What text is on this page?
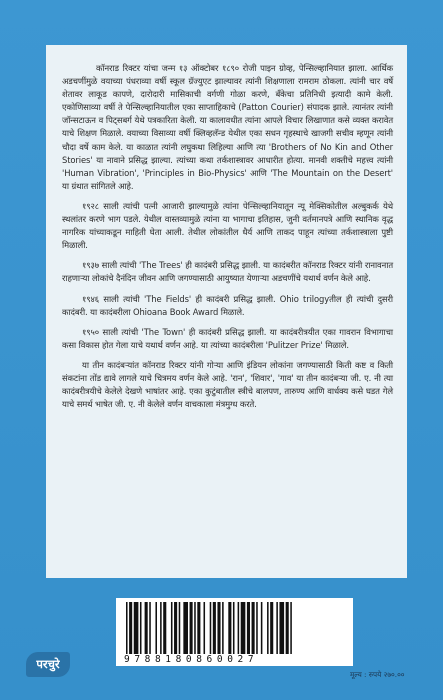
कॉनराड रिक्टर यांचा जन्म १३ ऑक्टोबर १८९० रोजी पाइन ग्रोव्ह, पेन्सिल्व्हानियात झाला. आर्थिक अडचणींमुळे वयाच्या पंधराव्या वर्षी स्कूल ग्रॅज्युएट झाल्यावर त्यांनी शिक्षणाला रामराम ठोकला. त्यांनी चार वर्षे शेतावर लाकूड कापणे, दारोदारी मासिकाची वर्गणी गोळा करणे, बँकेचा प्रतिनिधी इत्यादी कामे केली. एकोणिसाव्या वर्षी ते पेन्सिल्व्हानियातील एका साप्ताहिकाचे (Patton Courier) संपादक झाले. त्यानंतर त्यांनी जॉन्सटाऊन व पिट्सबर्ग येथे पत्रकारिता केली. या कालावधीत त्यांना आपले विचार लिखाणात कसे व्यक्त करावेत याचे शिक्षण मिळाले. वयाच्या विसाव्या वर्षी क्लिव्हलॅन्ड येथील एका सधन गृहस्थाचे खाजगी सचीव म्हणून त्यांनी चौदा वर्षे काम केले. या काळात त्यांनी लघुकथा लिहिल्या आणि त्या 'Brothers of No Kin and Other Stories' या नावाने प्रसिद्ध झाल्या. त्यांच्या कथा तर्कशास्त्रावर आधारीत होत्या. मानवी शक्तीचे महत्त्व त्यांनी 'Human Vibration', 'Principles in Bio-Physics' आणि 'The Mountain on the Desert' या ग्रंथात सांगितले आहे.

१९२८ साली त्यांची पत्नी आजारी झाल्यामुळे त्यांना पेन्सिल्व्हानियातून न्यू मेक्सिकोतील अल्बुकर्क येथे स्थलांतर करणे भाग पडले. येथील वास्तव्यामुळे त्यांना या भागाचा इतिहास, जुनी वर्तमानपत्रे आणि स्थानिक वृद्ध नागरिक यांच्याकडून माहिती घेता आली. तेथील लोकांतील धैर्य आणि ताकद पाहून त्यांच्या तर्कशास्त्राला पुष्टी मिळाली.

१९३७ साली त्यांची 'The Trees' ही कादंबरी प्रसिद्ध झाली. या कादंबरीत कॉनराड रिक्टर यांनी रानावनात राहणाऱ्या लोकांचे दैनंदिन जीवन आणि जगण्यासाठी आयुष्यात येणाऱ्या अडचणींचे यथार्थ वर्णन केले आहे.

१९४६ साली त्यांची 'The Fields' ही कादंबरी प्रसिद्ध झाली. Ohio trilogyतील ही त्यांची दुसरी कादंबरी. या कादंबरीला Ohioana Book Award मिळाले.

१९५० साली त्यांची 'The Town' ही कादंबरी प्रसिद्ध झाली. या कादंबरीत्रयीत एका गावरान विभागाचा कसा विकास होत गेला याचे यथार्थ वर्णन आहे. या त्यांच्या कादंबरीला 'Pulitzer Prize' मिळाले.

या तीन कादंबऱ्यांत कॉनराड रिक्टर यांनी गोऱ्या आणि इंडियन लोकांना जगण्यासाठी किती कष्ट व किती संकटांना तोंड द्यावे लागले याचे चित्रमय वर्णन केले आहे. 'रान', 'शिवार', 'गाव' या तीन कादंबऱ्या जी. ए. नी त्या कादंबरीत्रयीचे केलेले देखणे भाषांतर आहे. एका कुटुंबातील स्त्रीचे बालपण, तारुण्य आणि वार्धक्य कसे घडत गेले याचे समर्थ भाषेत जी. ए. नी केलेले वर्णन वाचकाला मंत्रमुग्ध करते.

परचुरे	9788180860027
मूल्य : रुपये २७०.००
